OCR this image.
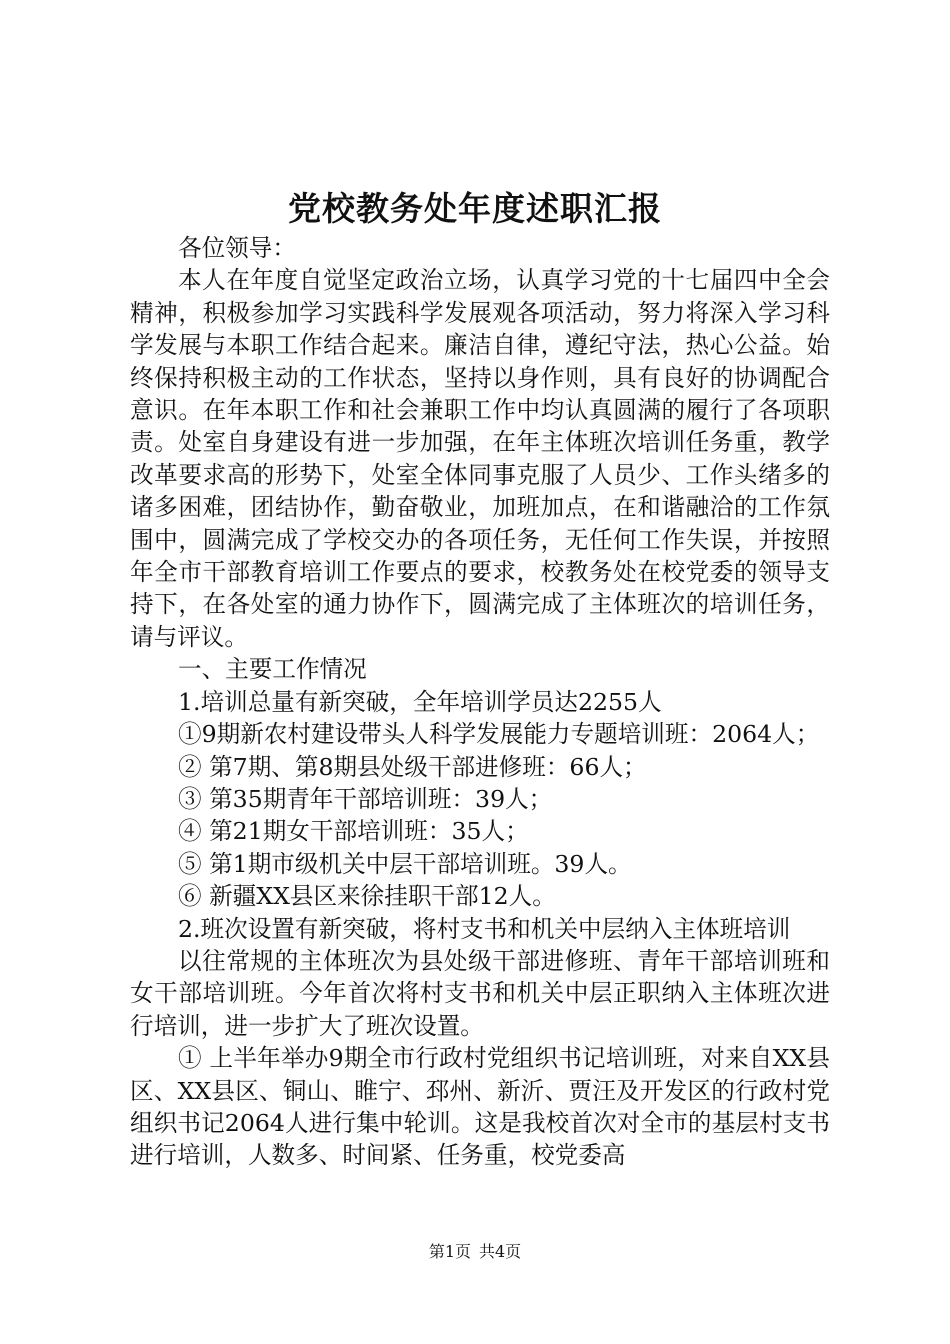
党校教务处年度述职汇报

各位领导：

本人在年度自觉坚定政治立场，认真学习党的十七届四中全会精神，积极参加学习实践科学发展观各项活动，努力将深入学习科学发展与本职工作结合起来。廉洁自律，遵纪守法，热心公益。始终保持积极主动的工作状态，坚持以身作则，具有良好的协调配合意识。在年本职工作和社会兼职工作中均认真圆满的履行了各项职责。处室自身建设有进一步加强，在年主体班次培训任务重，教学改革要求高的形势下，处室全体同事克服了人员少、工作头绪多的诸多困难，团结协作，勤奋敬业，加班加点，在和谐融洽的工作氛围中，圆满完成了学校交办的各项任务，无任何工作失误，并按照年全市干部教育培训工作要点的要求，校教务处在校党委的领导支持下，在各处室的通力协作下，圆满完成了主体班次的培训任务，请与评议。

一、主要工作情况

1.培训总量有新突破，全年培训学员达2255人

①9期新农村建设带头人科学发展能力专题培训班：2064人；

② 第7期、第8期县处级干部进修班：66人；

③ 第35期青年干部培训班：39人；

④ 第21期女干部培训班：35人；

⑤ 第1期市级机关中层干部培训班。39人。

⑥ 新疆XX县区来徐挂职干部12人。

2.班次设置有新突破，将村支书和机关中层纳入主体班培训

以往常规的主体班次为县处级干部进修班、青年干部培训班和女干部培训班。今年首次将村支书和机关中层正职纳入主体班次进行培训，进一步扩大了班次设置。

① 上半年举办9期全市行政村党组织书记培训班，对来自XX县区、XX县区、铜山、睢宁、邳州、新沂、贾汪及开发区的行政村党组织书记2064人进行集中轮训。这是我校首次对全市的基层村支书进行培训，人数多、时间紧、任务重，校党委高

第1页 共4页
